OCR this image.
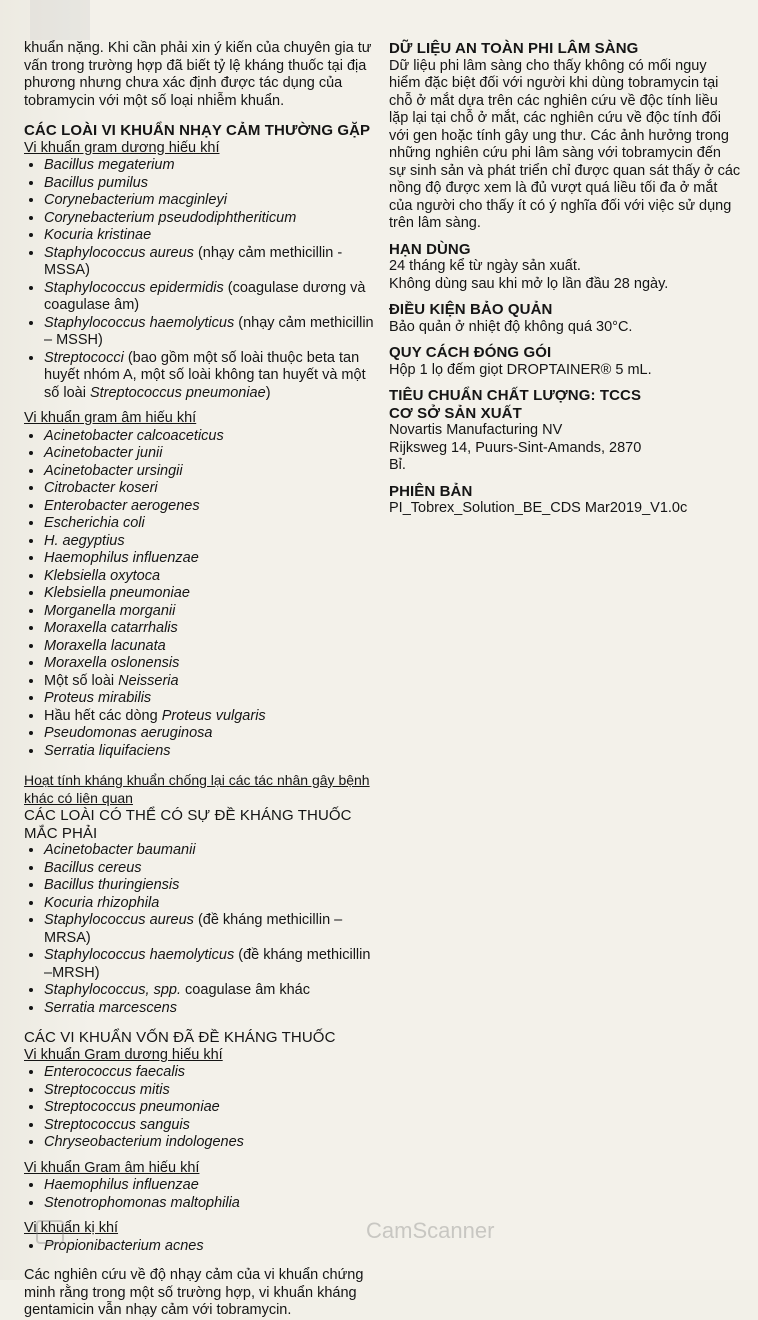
khuẩn nặng. Khi cần phải xin ý kiến của chuyên gia tư vấn trong trường hợp đã biết tỷ lệ kháng thuốc tại địa phương nhưng chưa xác định được tác dụng của tobramycin với một số loại nhiễm khuẩn.

CÁC LOÀI VI KHUẨN NHẠY CẢM THƯỜNG GẶP

Vi khuẩn gram dương hiếu khí

• Bacillus megaterium
• Bacillus pumilus
• Corynebacterium macginleyi
• Corynebacterium pseudodiphtheriticum
• Kocuria kristinae
• Staphylococcus aureus (nhạy cảm methicillin - MSSA)
• Staphylococcus epidermidis (coagulase dương và coagulase âm)
• Staphylococcus haemolyticus (nhạy cảm methicillin – MSSH)
• Streptococci (bao gồm một số loài thuộc beta tan huyết nhóm A, một số loài không tan huyết và một số loài Streptococcus pneumoniae)

Vi khuẩn gram âm hiếu khí

• Acinetobacter calcoaceticus
• Acinetobacter junii
• Acinetobacter ursingii
• Citrobacter koseri
• Enterobacter aerogenes
• Escherichia coli
• H. aegyptius
• Haemophilus influenzae
• Klebsiella oxytoca
• Klebsiella pneumoniae
• Morganella morganii
• Moraxella catarrhalis
• Moraxella lacunata
• Moraxella oslonensis
• Một số loài Neisseria
• Proteus mirabilis
• Hầu hết các dòng Proteus vulgaris
• Pseudomonas aeruginosa
• Serratia liquifaciens

Hoạt tính kháng khuẩn chống lại các tác nhân gây bệnh khác có liên quan

CÁC LOÀI CÓ THỂ CÓ SỰ ĐỀ KHÁNG THUỐC MẮC PHẢI

• Acinetobacter baumanii
• Bacillus cereus
• Bacillus thuringiensis
• Kocuria rhizophila
• Staphylococcus aureus (đề kháng methicillin – MRSA)
• Staphylococcus haemolyticus (đề kháng methicillin –MRSH)
• Staphylococcus, spp. coagulase âm khác
• Serratia marcescens

CÁC VI KHUẨN VỐN ĐÃ ĐỀ KHÁNG THUỐC

Vi khuẩn Gram dương hiếu khí

• Enterococcus faecalis
• Streptococcus mitis
• Streptococcus pneumoniae
• Streptococcus sanguis
• Chryseobacterium indologenes

Vi khuẩn Gram âm hiếu khí

• Haemophilus influenzae
• Stenotrophomonas maltophilia

Vi khuẩn kị khí

• Propionibacterium acnes

Các nghiên cứu về độ nhạy cảm của vi khuẩn chứng minh rằng trong một số trường hợp, vi khuẩn kháng gentamicin vẫn nhạy cảm với tobramycin.

DỮ LIỆU AN TOÀN PHI LÂM SÀNG

Dữ liệu phi lâm sàng cho thấy không có mối nguy hiểm đặc biệt đối với người khi dùng tobramycin tại chỗ ở mắt dựa trên các nghiên cứu về độc tính liều lặp lại tại chỗ ở mắt, các nghiên cứu về độc tính đối với gen hoặc tính gây ung thư. Các ảnh hưởng trong những nghiên cứu phi lâm sàng với tobramycin đến sự sinh sản và phát triển chỉ được quan sát thấy ở các nồng độ được xem là đủ vượt quá liều tối đa ở mắt của người cho thấy ít có ý nghĩa đối với việc sử dụng trên lâm sàng.

HẠN DÙNG

24 tháng kể từ ngày sản xuất.

Không dùng sau khi mở lọ lần đầu 28 ngày.

ĐIỀU KIỆN BẢO QUẢN

Bảo quản ở nhiệt độ không quá 30°C.

QUY CÁCH ĐÓNG GÓI

Hộp 1 lọ đếm giọt DROPTAINER® 5 mL.

TIÊU CHUẨN CHẤT LƯỢNG: TCCS

CƠ SỞ SẢN XUẤT

Novartis Manufacturing NV

Rijksweg 14, Puurs-Sint-Amands, 2870

Bỉ.

PHIÊN BẢN

PI_Tobrex_Solution_BE_CDS Mar2019_V1.0c

CamScanner
